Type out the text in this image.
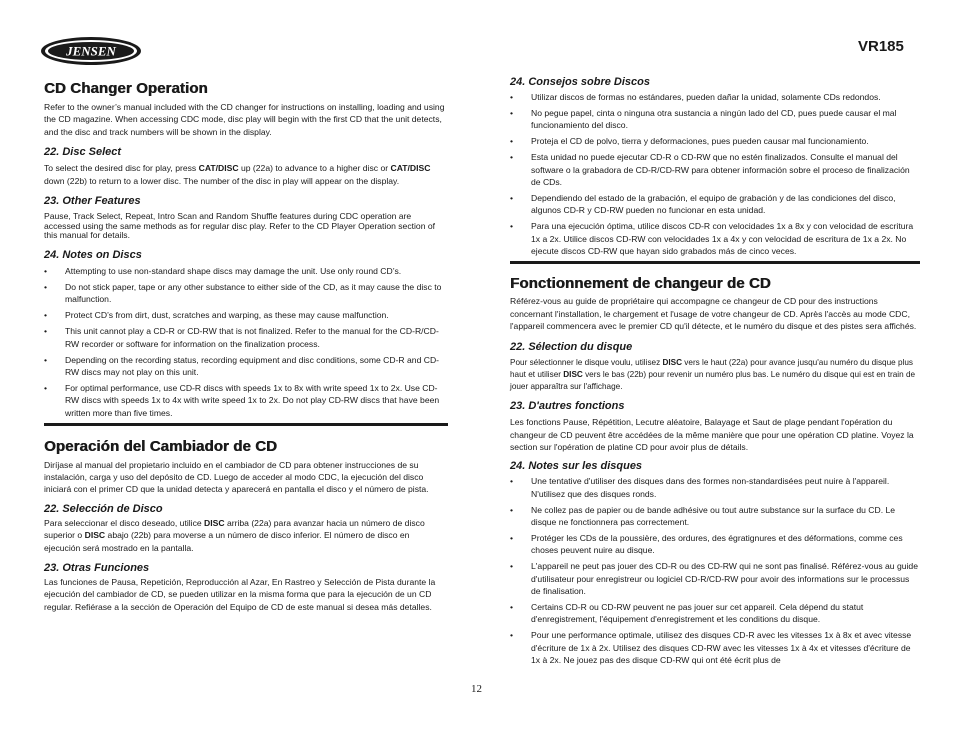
JENSEN	VR185
CD Changer Operation

Refer to the owner’s manual included with the CD changer for instructions on installing, loading and using the CD magazine. When accessing CDC mode, disc play will begin with the first CD that the unit detects, and the disc and track numbers will be shown in the display.

22. Disc Select

To select the desired disc for play, press CAT/DISC up (22a) to advance to a higher disc or CAT/DISC down (22b) to return to a lower disc. The number of the disc in play will appear on the display.

23. Other Features

Pause, Track Select, Repeat, Intro Scan and Random Shuffle features during CDC operation are accessed using the same methods as for regular disc play. Refer to the CD Player Operation section of this manual for details.

24. Notes on Discs
• Attempting to use non-standard shape discs may damage the unit. Use only round CD’s.
• Do not stick paper, tape or any other substance to either side of the CD, as it may cause the disc to malfunction.
• Protect CD’s from dirt, dust, scratches and warping, as these may cause malfunction.
• This unit cannot play a CD-R or CD-RW that is not finalized. Refer to the manual for the CD-R/CD-RW recorder or software for information on the finalization process.
• Depending on the recording status, recording equipment and disc conditions, some CD-R and CD-RW discs may not play on this unit.
• For optimal performance, use CD-R discs with speeds 1x to 8x with write speed 1x to 2x. Use CD-RW discs with speeds 1x to 4x with write speed 1x to 2x. Do not play CD-RW discs that have been written more than five times.
Operación del Cambiador de CD

Diríjase al manual del propietario incluido en el cambiador de CD para obtener instrucciones de su instalación, carga y uso del depósito de CD. Luego de acceder al modo CDC, la ejecución del disco iniciará con el primer CD que la unidad detecta y aparecerá en pantalla el disco y el número de pista.

22. Selección de Disco

Para seleccionar el disco deseado, utilice DISC arriba (22a) para avanzar hacia un número de disco superior o DISC abajo (22b) para moverse a un número de disco inferior. El número de disco en ejecución será mostrado en la pantalla.

23. Otras Funciones

Las funciones de Pausa, Repetición, Reproducción al Azar, En Rastreo y Selección de Pista durante la ejecución del cambiador de CD, se pueden utilizar en la misma forma que para la ejecución de un CD regular. Refiérase a la sección de Operación del Equipo de CD de este manual si desea más detalles.

24. Consejos sobre Discos
• Utilizar discos de formas no estándares, pueden dañar la unidad, solamente CDs redondos.
• No pegue papel, cinta o ninguna otra sustancia a ningún lado del CD, pues puede causar el mal funcionamiento del disco.
• Proteja el CD de polvo, tierra y deformaciones, pues pueden causar mal funcionamiento.
• Esta unidad no puede ejecutar CD-R o CD-RW que no estén finalizados. Consulte el manual del software o la grabadora de CD-R/CD-RW para obtener información sobre el proceso de finalización de CDs.
• Dependiendo del estado de la grabación, el equipo de grabación y de las condiciones del disco, algunos CD-R y CD-RW pueden no funcionar en esta unidad.
• Para una ejecución óptima, utilice discos CD-R con velocidades 1x a 8x y con velocidad de escritura 1x a 2x. Utilice discos CD-RW con velocidades 1x a 4x y con velocidad de escritura de 1x a 2x. No ejecute discos CD-RW que hayan sido grabados más de cinco veces.
Fonctionnement de changeur de CD

Référez-vous au guide de propriétaire qui accompagne ce changeur de CD pour des instructions concernant l'installation, le chargement et l'usage de votre changeur de CD. Après l'accès au mode CDC, l'appareil commencera avec le premier CD qu'il détecte, et le numéro du disque et des pistes sera affichés.

22. Sélection du disque

Pour sélectionner le disque voulu, utilisez DISC vers le haut (22a) pour avance jusqu'au numéro du disque plus haut et utiliser DISC vers le bas (22b) pour revenir un numéro plus bas. Le numéro du disque qui est en train de jouer apparaîtra sur l'affichage.

23. D'autres fonctions

Les fonctions Pause, Répétition, Lecutre aléatoire, Balayage et Saut de plage pendant l'opération du changeur de CD peuvent être accédées de la même manière que pour une opération CD platine. Voyez la section sur l'opération de platine CD pour avoir plus de détails.

24. Notes sur les disques
• Une tentative d'utiliser des disques dans des formes non-standardisées peut nuire à l'appareil. N'utilisez que des disques ronds.
• Ne collez pas de papier ou de bande adhésive ou tout autre substance sur la surface du CD. Le disque ne fonctionnera pas correctement.
• Protéger les CDs de la poussière, des ordures, des égratignures et des déformations, comme ces choses peuvent nuire au disque.
• L'appareil ne peut pas jouer des CD-R ou des CD-RW qui ne sont pas finalisé. Référez-vous au guide d'utilisateur pour enregistreur ou logiciel CD-R/CD-RW pour avoir des informations sur le processus de finalisation.
• Certains CD-R ou CD-RW peuvent ne pas jouer sur cet appareil. Cela dépend du statut d'enregistrement, l'équipement d'enregistrement et les conditions du disque.
• Pour une performance optimale, utilisez des disques CD-R avec les vitesses 1x à 8x et avec vitesse d'écriture de 1x à 2x. Utilisez des disques CD-RW avec les vitesses 1x à 4x et vitesses d'écriture de 1x à 2x. Ne jouez pas des disque CD-RW qui ont été écrit plus de
12
